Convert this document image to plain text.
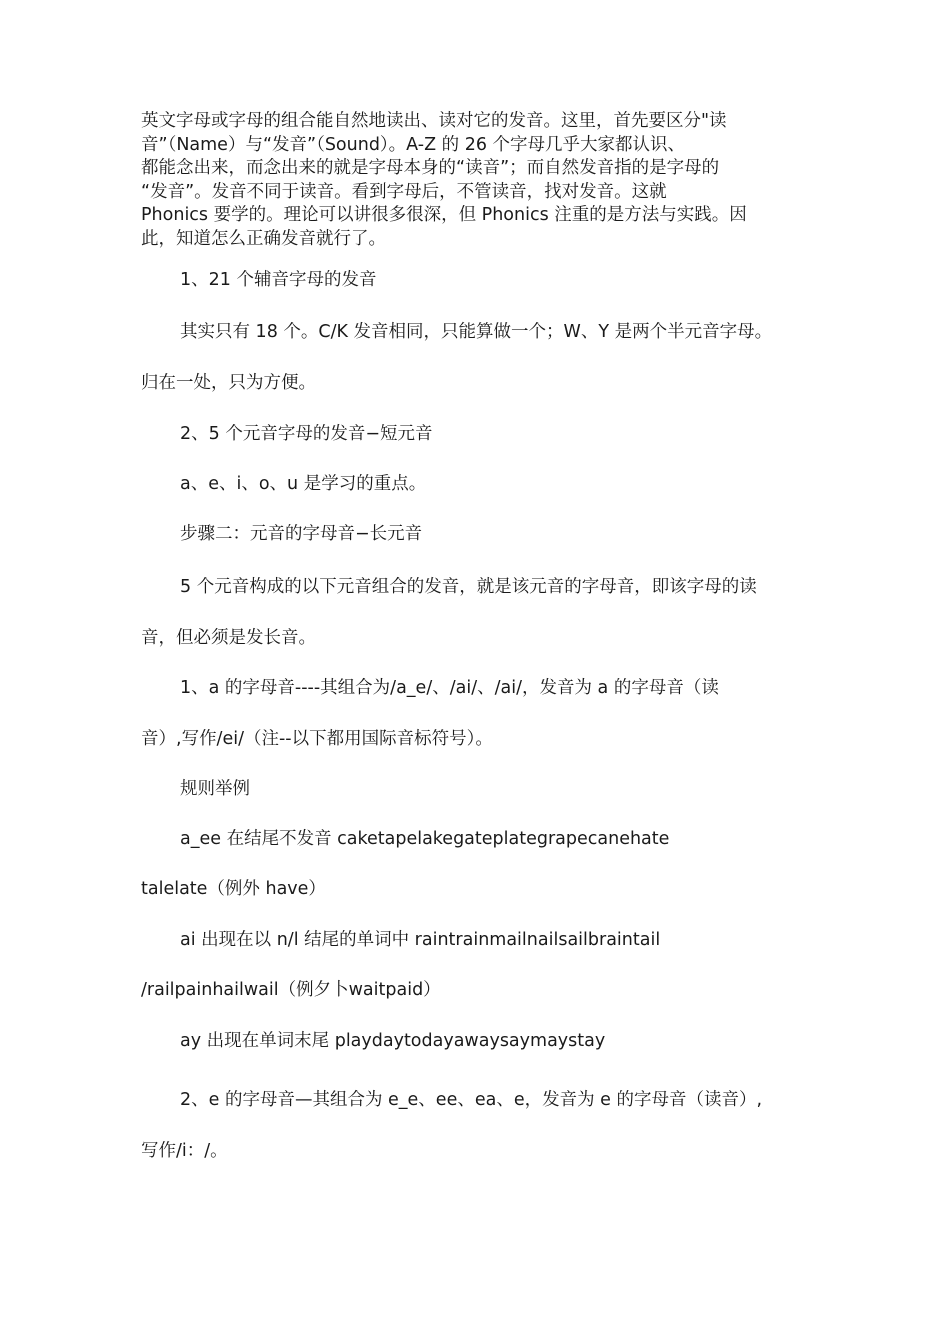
英文字母或字母的组合能自然地读出、读对它的发音。这里，首先要区分"读
音”（Name）与“发音”（Sound）。A-Z 的 26 个字母几乎大家都认识、
都能念出来，而念出来的就是字母本身的“读音”；而自然发音指的是字母的
“发音”。发音不同于读音。看到字母后，不管读音，找对发音。这就
Phonics 要学的。理论可以讲很多很深，但 Phonics 注重的是方法与实践。因
此，知道怎么正确发音就行了。
1、21 个辅音字母的发音
其实只有 18 个。C/K 发音相同，只能算做一个；W、Y 是两个半元音字母。
归在一处，只为方便。
2、5 个元音字母的发音−短元音
a、e、i、o、u 是学习的重点。
步骤二：元音的字母音−长元音
5 个元音构成的以下元音组合的发音，就是该元音的字母音，即该字母的读
音，但必须是发长音。
1、a 的字母音----其组合为/a_e/、/ai/、/ai/，发音为 a 的字母音（读
音）,写作/ei/（注--以下都用国际音标符号）。
规则举例
a_ee 在结尾不发音 caketapelakegateplategrapecanehate
talelate（例外 have）
ai 出现在以 n/l 结尾的单词中 raintrainmailnailsailbraintail
/railpainhailwail（例夕卜waitpaid）
ay 出现在单词末尾 playdaytodayawaysaymaystay
2、e 的字母音—其组合为 e_e、ee、ea、e，发音为 e 的字母音（读音）,
写作/i：/。
